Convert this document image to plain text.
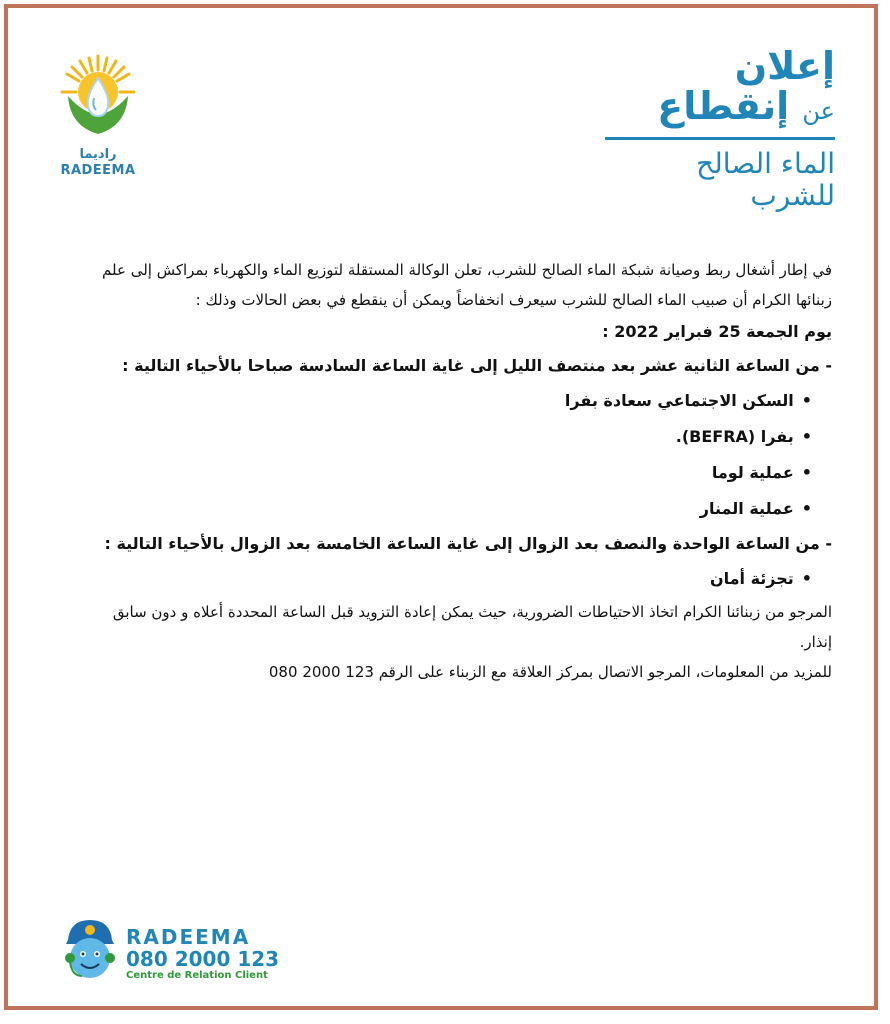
راديما
RADEEMA
إعلان
عن إنقطاع
الماء الصالح للشرب

في إطار أشغال ربط وصيانة شبكة الماء الصالح للشرب، تعلن الوكالة المستقلة لتوزيع الماء والكهرباء بمراكش إلى علم

زبنائها الكرام أن صبيب الماء الصالح للشرب سيعرف انخفاضاً ويمكن أن ينقطع في بعض الحالات وذلك :

يوم الجمعة 25 فبراير 2022 :

- من الساعة الثانية عشر بعد منتصف الليل إلى غاية الساعة السادسة صباحا بالأحياء التالية :

•السكن الاجتماعي سعادة بفرا
•بفرا (BEFRA).
•عملية لوما
•عملية المنار

- من الساعة الواحدة والنصف بعد الزوال إلى غاية الساعة الخامسة بعد الزوال بالأحياء التالية :

•تجزئة أمان

المرجو من زبنائنا الكرام اتخاذ الاحتياطات الضرورية، حيث يمكن إعادة التزويد قبل الساعة المحددة أعلاه و دون سابق

إنذار.

للمزيد من المعلومات، المرجو الاتصال بمركز العلاقة مع الزبناء على الرقم 123 2000 080

RADEEMA
080 2000 123
Centre de Relation Client
